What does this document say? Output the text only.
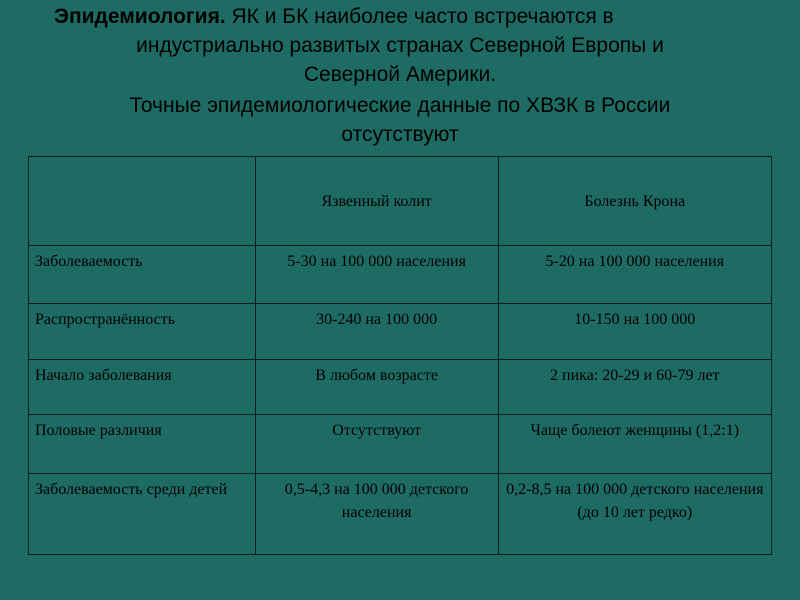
Эпидемиология. ЯК и БК наиболее часто встречаются в
индустриально развитых странах Северной Европы и
Северной Америки.
Точные эпидемиологические данные по ХВЗК в России
отсутствуют
	Язвенный колит	Болезнь Крона
Заболеваемость	5-30 на 100 000 населения	5-20 на 100 000 населения
Распространённость	30-240 на 100 000	10-150 на 100 000
Начало заболевания	В любом возрасте	2 пика: 20-29 и 60-79 лет
Половые различия	Отсутствуют	Чаще болеют женщины (1,2:1)
Заболеваемость среди детей	0,5-4,3 на 100 000 детского населения	0,2-8,5 на 100 000 детского населения (до 10 лет редко)
